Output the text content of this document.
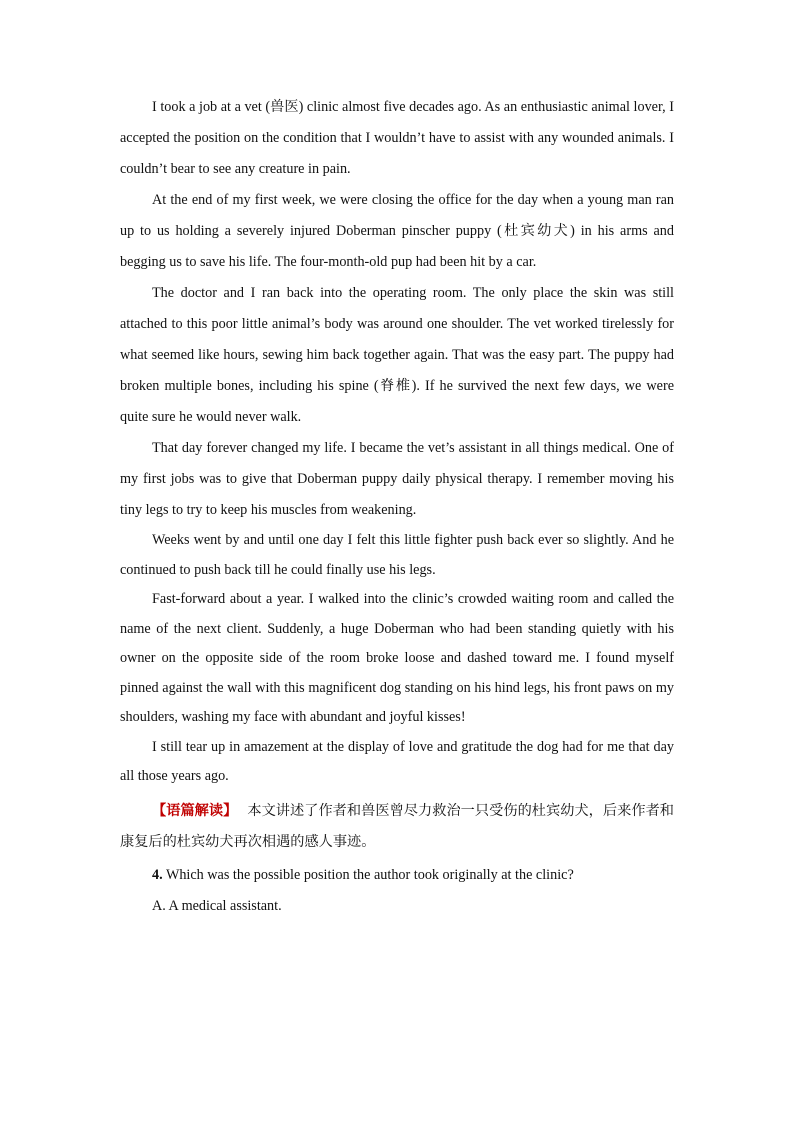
I took a job at a vet (兽医) clinic almost five decades ago. As an enthusiastic animal lover, I accepted the position on the condition that I wouldn’t have to assist with any wounded animals. I couldn’t bear to see any creature in pain.

At the end of my first week, we were closing the office for the day when a young man ran up to us holding a severely injured Doberman pinscher puppy (杜宾幼犬) in his arms and begging us to save his life. The four-month-old pup had been hit by a car.

The doctor and I ran back into the operating room. The only place the skin was still attached to this poor little animal’s body was around one shoulder. The vet worked tirelessly for what seemed like hours, sewing him back together again. That was the easy part. The puppy had broken multiple bones, including his spine (脊椎). If he survived the next few days, we were quite sure he would never walk.

That day forever changed my life. I became the vet’s assistant in all things medical. One of my first jobs was to give that Doberman puppy daily physical therapy. I remember moving his tiny legs to try to keep his muscles from weakening.

Weeks went by and until one day I felt this little fighter push back ever so slightly. And he continued to push back till he could finally use his legs.

Fast-forward about a year. I walked into the clinic’s crowded waiting room and called the name of the next client. Suddenly, a huge Doberman who had been standing quietly with his owner on the opposite side of the room broke loose and dashed toward me. I found myself pinned against the wall with this magnificent dog standing on his hind legs, his front paws on my shoulders, washing my face with abundant and joyful kisses!

I still tear up in amazement at the display of love and gratitude the dog had for me that day all those years ago.

【语篇解读】 本文讲述了作者和兽医曾尽力救治一只受伤的杜宾幼犬，后来作者和康复后的杜宾幼犬再次相遇的感人事迹。

4. Which was the possible position the author took originally at the clinic?

A. A medical assistant.
